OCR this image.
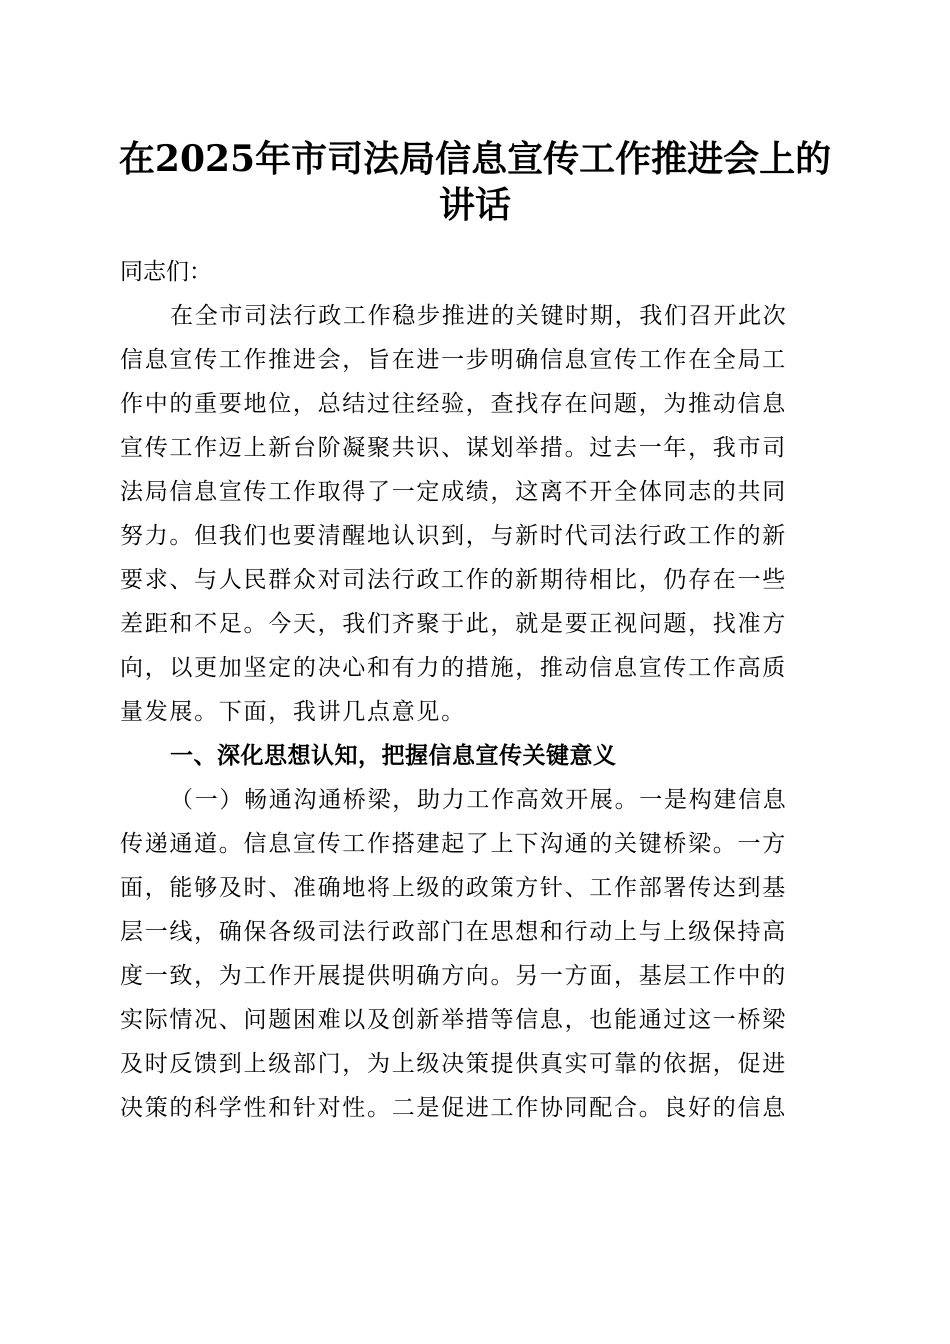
在2025年市司法局信息宣传工作推进会上的
讲话
同志们：
在全市司法行政工作稳步推进的关键时期，我们召开此次
信息宣传工作推进会，旨在进一步明确信息宣传工作在全局工
作中的重要地位，总结过往经验，查找存在问题，为推动信息
宣传工作迈上新台阶凝聚共识、谋划举措。过去一年，我市司
法局信息宣传工作取得了一定成绩，这离不开全体同志的共同
努力。但我们也要清醒地认识到，与新时代司法行政工作的新
要求、与人民群众对司法行政工作的新期待相比，仍存在一些
差距和不足。今天，我们齐聚于此，就是要正视问题，找准方
向，以更加坚定的决心和有力的措施，推动信息宣传工作高质
量发展。下面，我讲几点意见。
一、深化思想认知，把握信息宣传关键意义
（一）畅通沟通桥梁，助力工作高效开展。一是构建信息
传递通道。信息宣传工作搭建起了上下沟通的关键桥梁。一方
面，能够及时、准确地将上级的政策方针、工作部署传达到基
层一线，确保各级司法行政部门在思想和行动上与上级保持高
度一致，为工作开展提供明确方向。另一方面，基层工作中的
实际情况、问题困难以及创新举措等信息，也能通过这一桥梁
及时反馈到上级部门，为上级决策提供真实可靠的依据，促进
决策的科学性和针对性。二是促进工作协同配合。良好的信息
